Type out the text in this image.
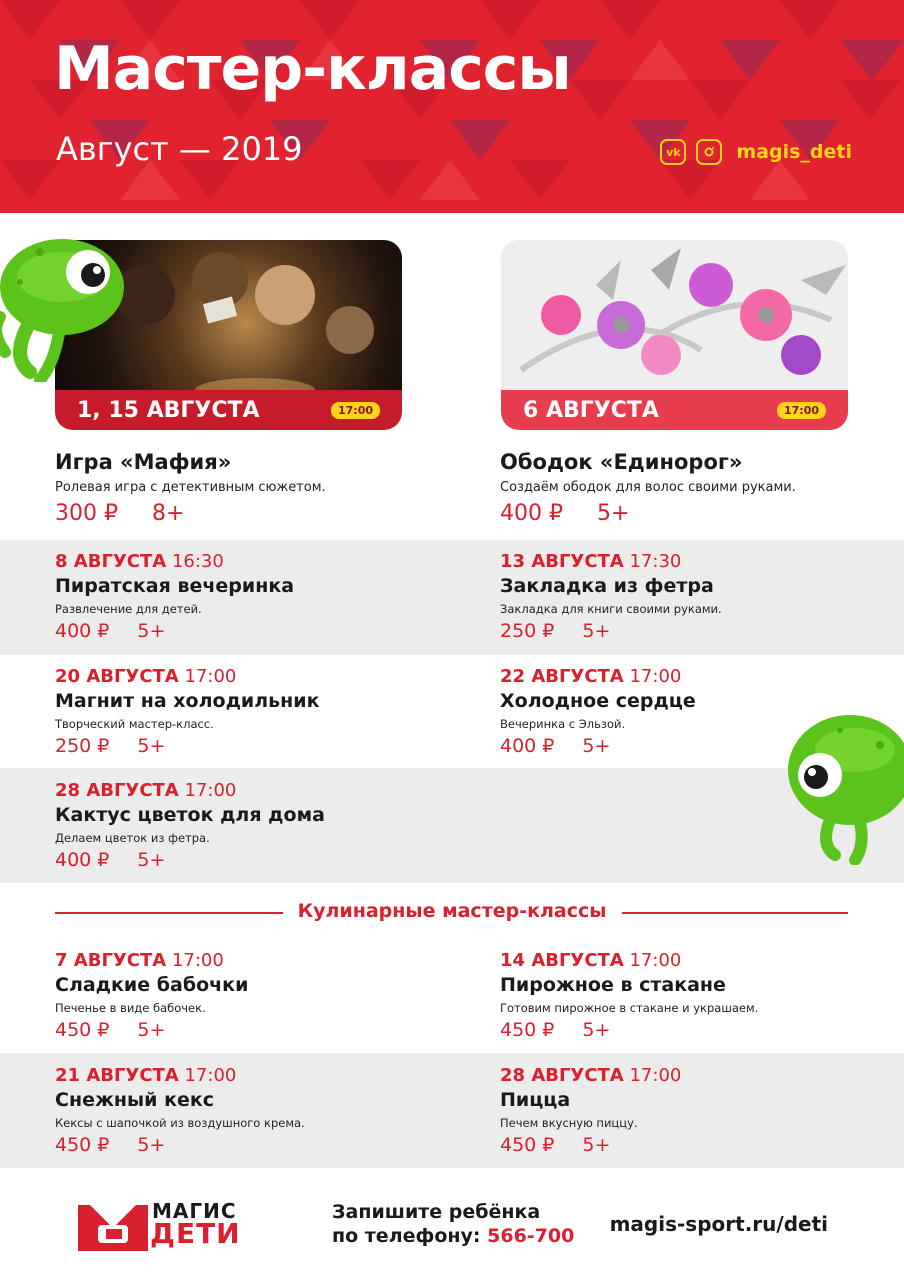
Мастер-классы
Август — 2019	vk	magis_deti
1, 15 АВГУСТА	17:00	6 АВГУСТА	17:00
Игра «Мафия»
Ролевая игра с детективным сюжетом.
300 ₽ 8+
Ободок «Единорог»
Создаём ободок для волос своими руками.
400 ₽ 5+
8 АВГУСТА 16:30
Пиратская вечеринка
Развлечение для детей.
400 ₽ 5+
13 АВГУСТА 17:30
Закладка из фетра
Закладка для книги своими руками.
250 ₽ 5+
20 АВГУСТА 17:00
Магнит на холодильник
Творческий мастер-класс.
250 ₽ 5+
22 АВГУСТА 17:00
Холодное сердце
Вечеринка с Эльзой.
400 ₽ 5+
28 АВГУСТА 17:00
Кактус цветок для дома
Делаем цветок из фетра.
400 ₽ 5+
Кулинарные мастер-классы
7 АВГУСТА 17:00
Сладкие бабочки
Печенье в виде бабочек.
450 ₽ 5+
14 АВГУСТА 17:00
Пирожное в стакане
Готовим пирожное в стакане и украшаем.
450 ₽ 5+
21 АВГУСТА 17:00
Снежный кекс
Кексы с шапочкой из воздушного крема.
450 ₽ 5+
28 АВГУСТА 17:00
Пицца
Печем вкусную пиццу.
450 ₽ 5+
МАГИС
ДЕТИ
Запишите ребёнка
по телефону: 566-700 magis-sport.ru/deti
